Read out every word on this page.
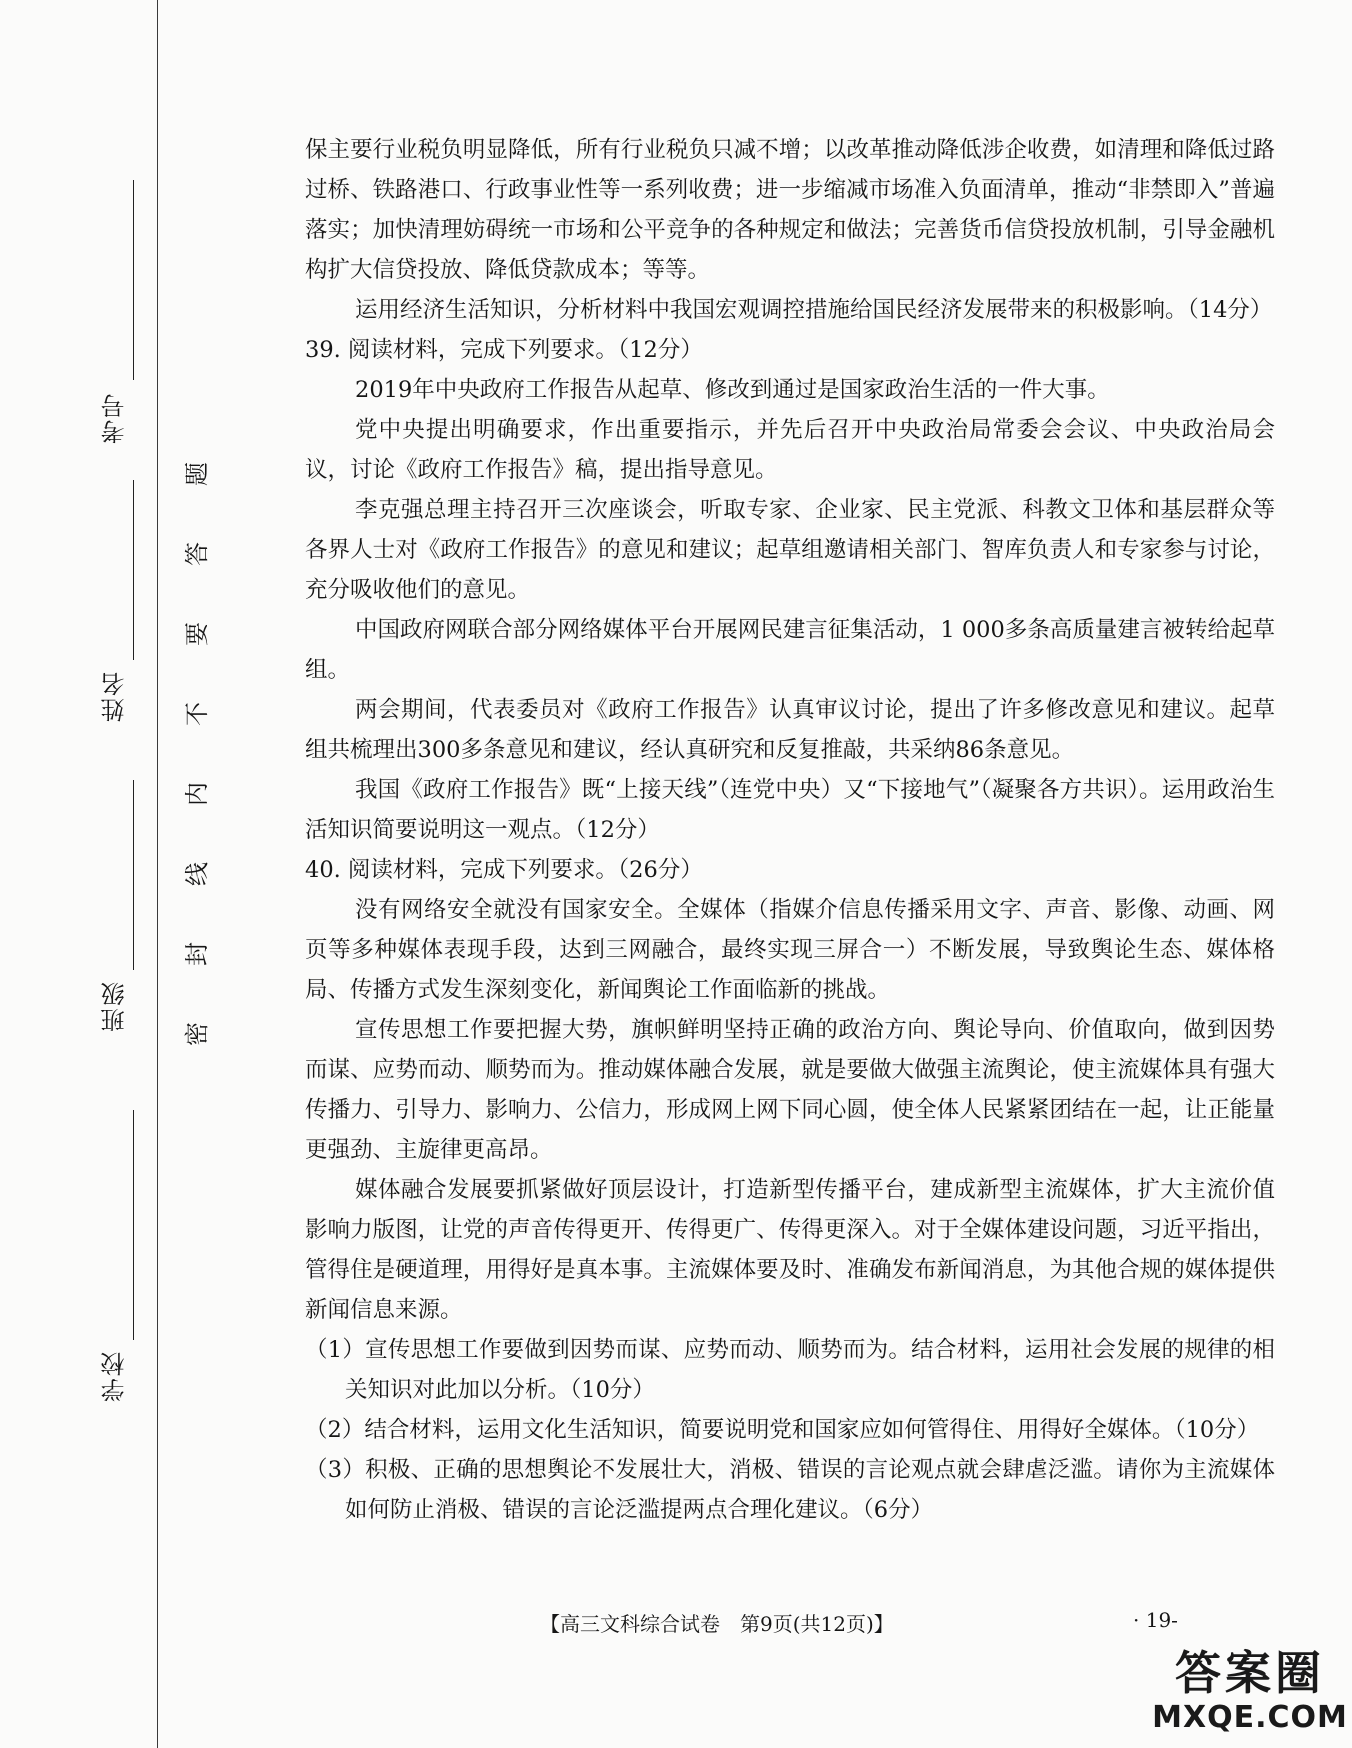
考号
姓名
班级
学校
密
封
线
内
不
要
答
题

保主要行业税负明显降低，所有行业税负只减不增；以改革推动降低涉企收费，如清理和降低过路过桥、铁路港口、行政事业性等一系列收费；进一步缩减市场准入负面清单，推动“非禁即入”普遍落实；加快清理妨碍统一市场和公平竞争的各种规定和做法；完善货币信贷投放机制，引导金融机构扩大信贷投放、降低贷款成本；等等。

运用经济生活知识，分析材料中我国宏观调控措施给国民经济发展带来的积极影响。（14分）

39. 阅读材料，完成下列要求。（12分）

2019年中央政府工作报告从起草、修改到通过是国家政治生活的一件大事。

党中央提出明确要求，作出重要指示，并先后召开中央政治局常委会会议、中央政治局会议，讨论《政府工作报告》稿，提出指导意见。

李克强总理主持召开三次座谈会，听取专家、企业家、民主党派、科教文卫体和基层群众等各界人士对《政府工作报告》的意见和建议；起草组邀请相关部门、智库负责人和专家参与讨论，充分吸收他们的意见。

中国政府网联合部分网络媒体平台开展网民建言征集活动，1 000多条高质量建言被转给起草组。

两会期间，代表委员对《政府工作报告》认真审议讨论，提出了许多修改意见和建议。起草组共梳理出300多条意见和建议，经认真研究和反复推敲，共采纳86条意见。

我国《政府工作报告》既“上接天线”（连党中央）又“下接地气”（凝聚各方共识）。运用政治生活知识简要说明这一观点。（12分）

40. 阅读材料，完成下列要求。（26分）

没有网络安全就没有国家安全。全媒体（指媒介信息传播采用文字、声音、影像、动画、网页等多种媒体表现手段，达到三网融合，最终实现三屏合一）不断发展，导致舆论生态、媒体格局、传播方式发生深刻变化，新闻舆论工作面临新的挑战。

宣传思想工作要把握大势，旗帜鲜明坚持正确的政治方向、舆论导向、价值取向，做到因势而谋、应势而动、顺势而为。推动媒体融合发展，就是要做大做强主流舆论，使主流媒体具有强大传播力、引导力、影响力、公信力，形成网上网下同心圆，使全体人民紧紧团结在一起，让正能量更强劲、主旋律更高昂。

媒体融合发展要抓紧做好顶层设计，打造新型传播平台，建成新型主流媒体，扩大主流价值影响力版图，让党的声音传得更开、传得更广、传得更深入。对于全媒体建设问题，习近平指出，管得住是硬道理，用得好是真本事。主流媒体要及时、准确发布新闻消息，为其他合规的媒体提供新闻信息来源。

（1）宣传思想工作要做到因势而谋、应势而动、顺势而为。结合材料，运用社会发展的规律的相关知识对此加以分析。（10分）

（2）结合材料，运用文化生活知识，简要说明党和国家应如何管得住、用得好全媒体。（10分）

（3）积极、正确的思想舆论不发展壮大，消极、错误的言论观点就会肆虐泛滥。请你为主流媒体如何防止消极、错误的言论泛滥提两点合理化建议。（6分）

【高三文科综合试卷　第9页(共12页)】	· 19-
答案圈
MXQE.COM
